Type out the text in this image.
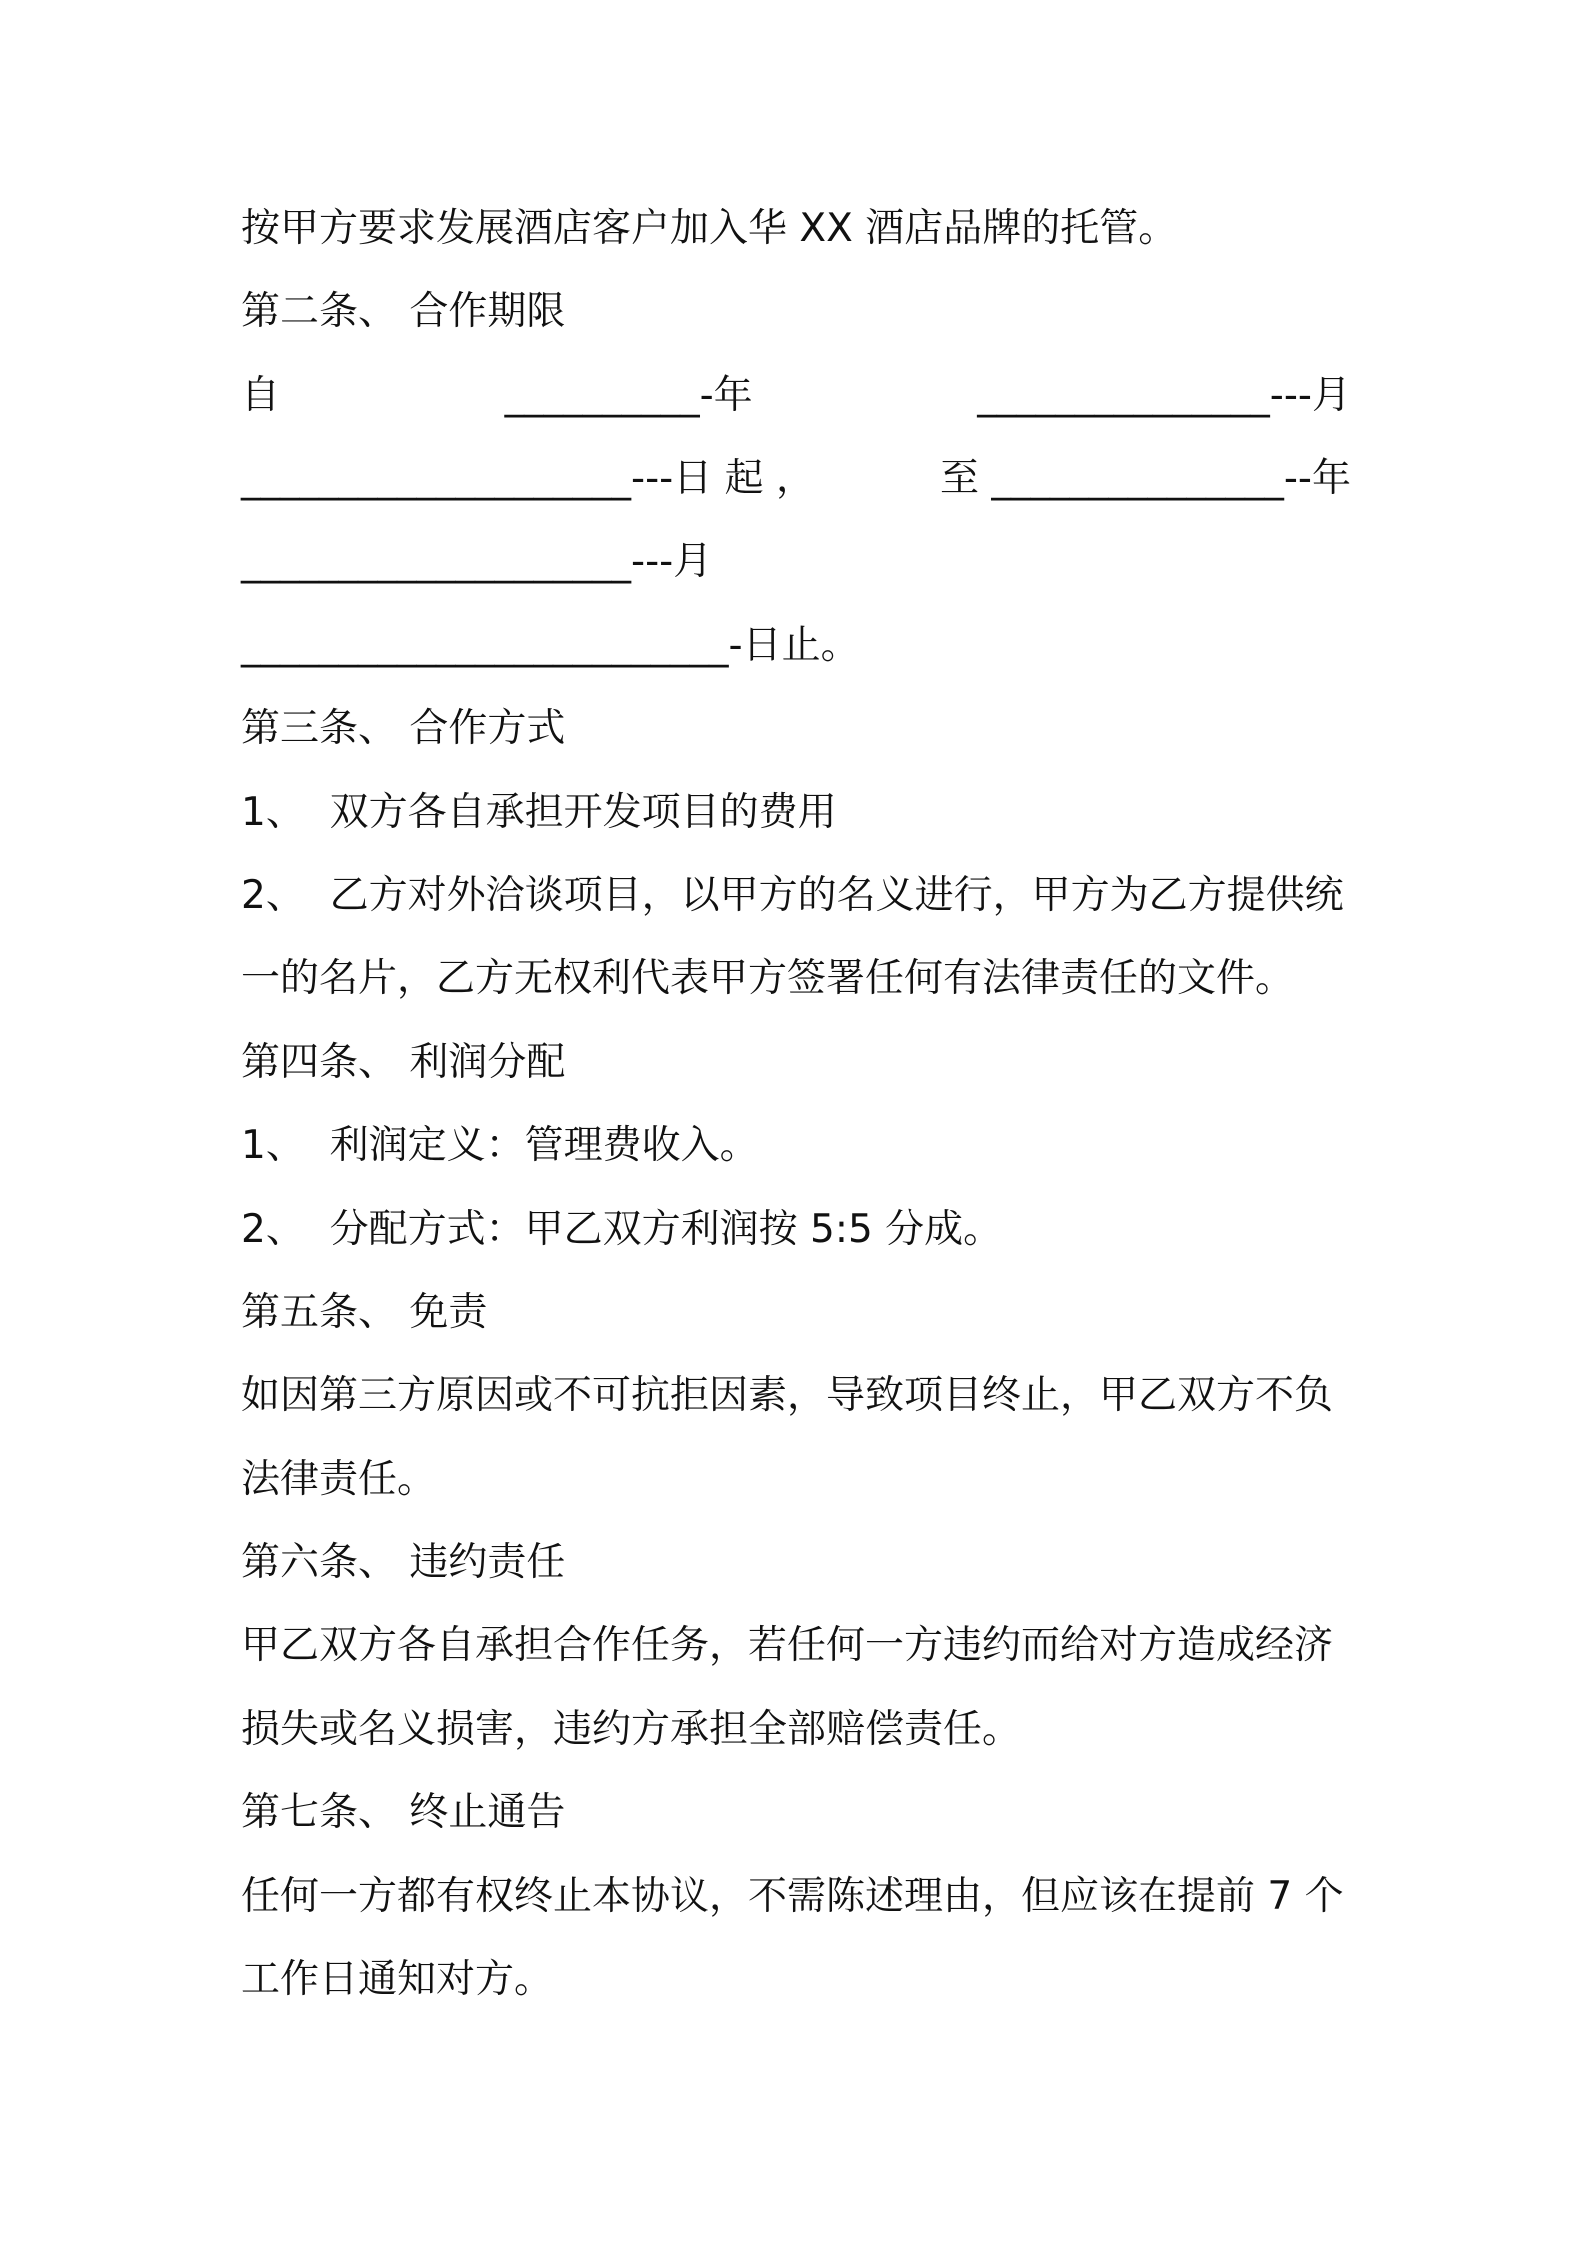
按甲方要求发展酒店客户加入华 XX 酒店品牌的托管。
第二条、 合作期限
自	__________-年	_______________---月
____________________---日 起 ，	至 _______________--年
____________________---月
_________________________-日止。
第三条、 合作方式
1、  双方各自承担开发项目的费用
2、  乙方对外洽谈项目，以甲方的名义进行，甲方为乙方提供统
一的名片，乙方无权利代表甲方签署任何有法律责任的文件。
第四条、 利润分配
1、  利润定义：管理费收入。
2、  分配方式：甲乙双方利润按 5:5 分成。
第五条、 免责
如因第三方原因或不可抗拒因素，导致项目终止，甲乙双方不负
法律责任。
第六条、 违约责任
甲乙双方各自承担合作任务，若任何一方违约而给对方造成经济
损失或名义损害，违约方承担全部赔偿责任。
第七条、 终止通告
任何一方都有权终止本协议，不需陈述理由，但应该在提前 7 个
工作日通知对方。
